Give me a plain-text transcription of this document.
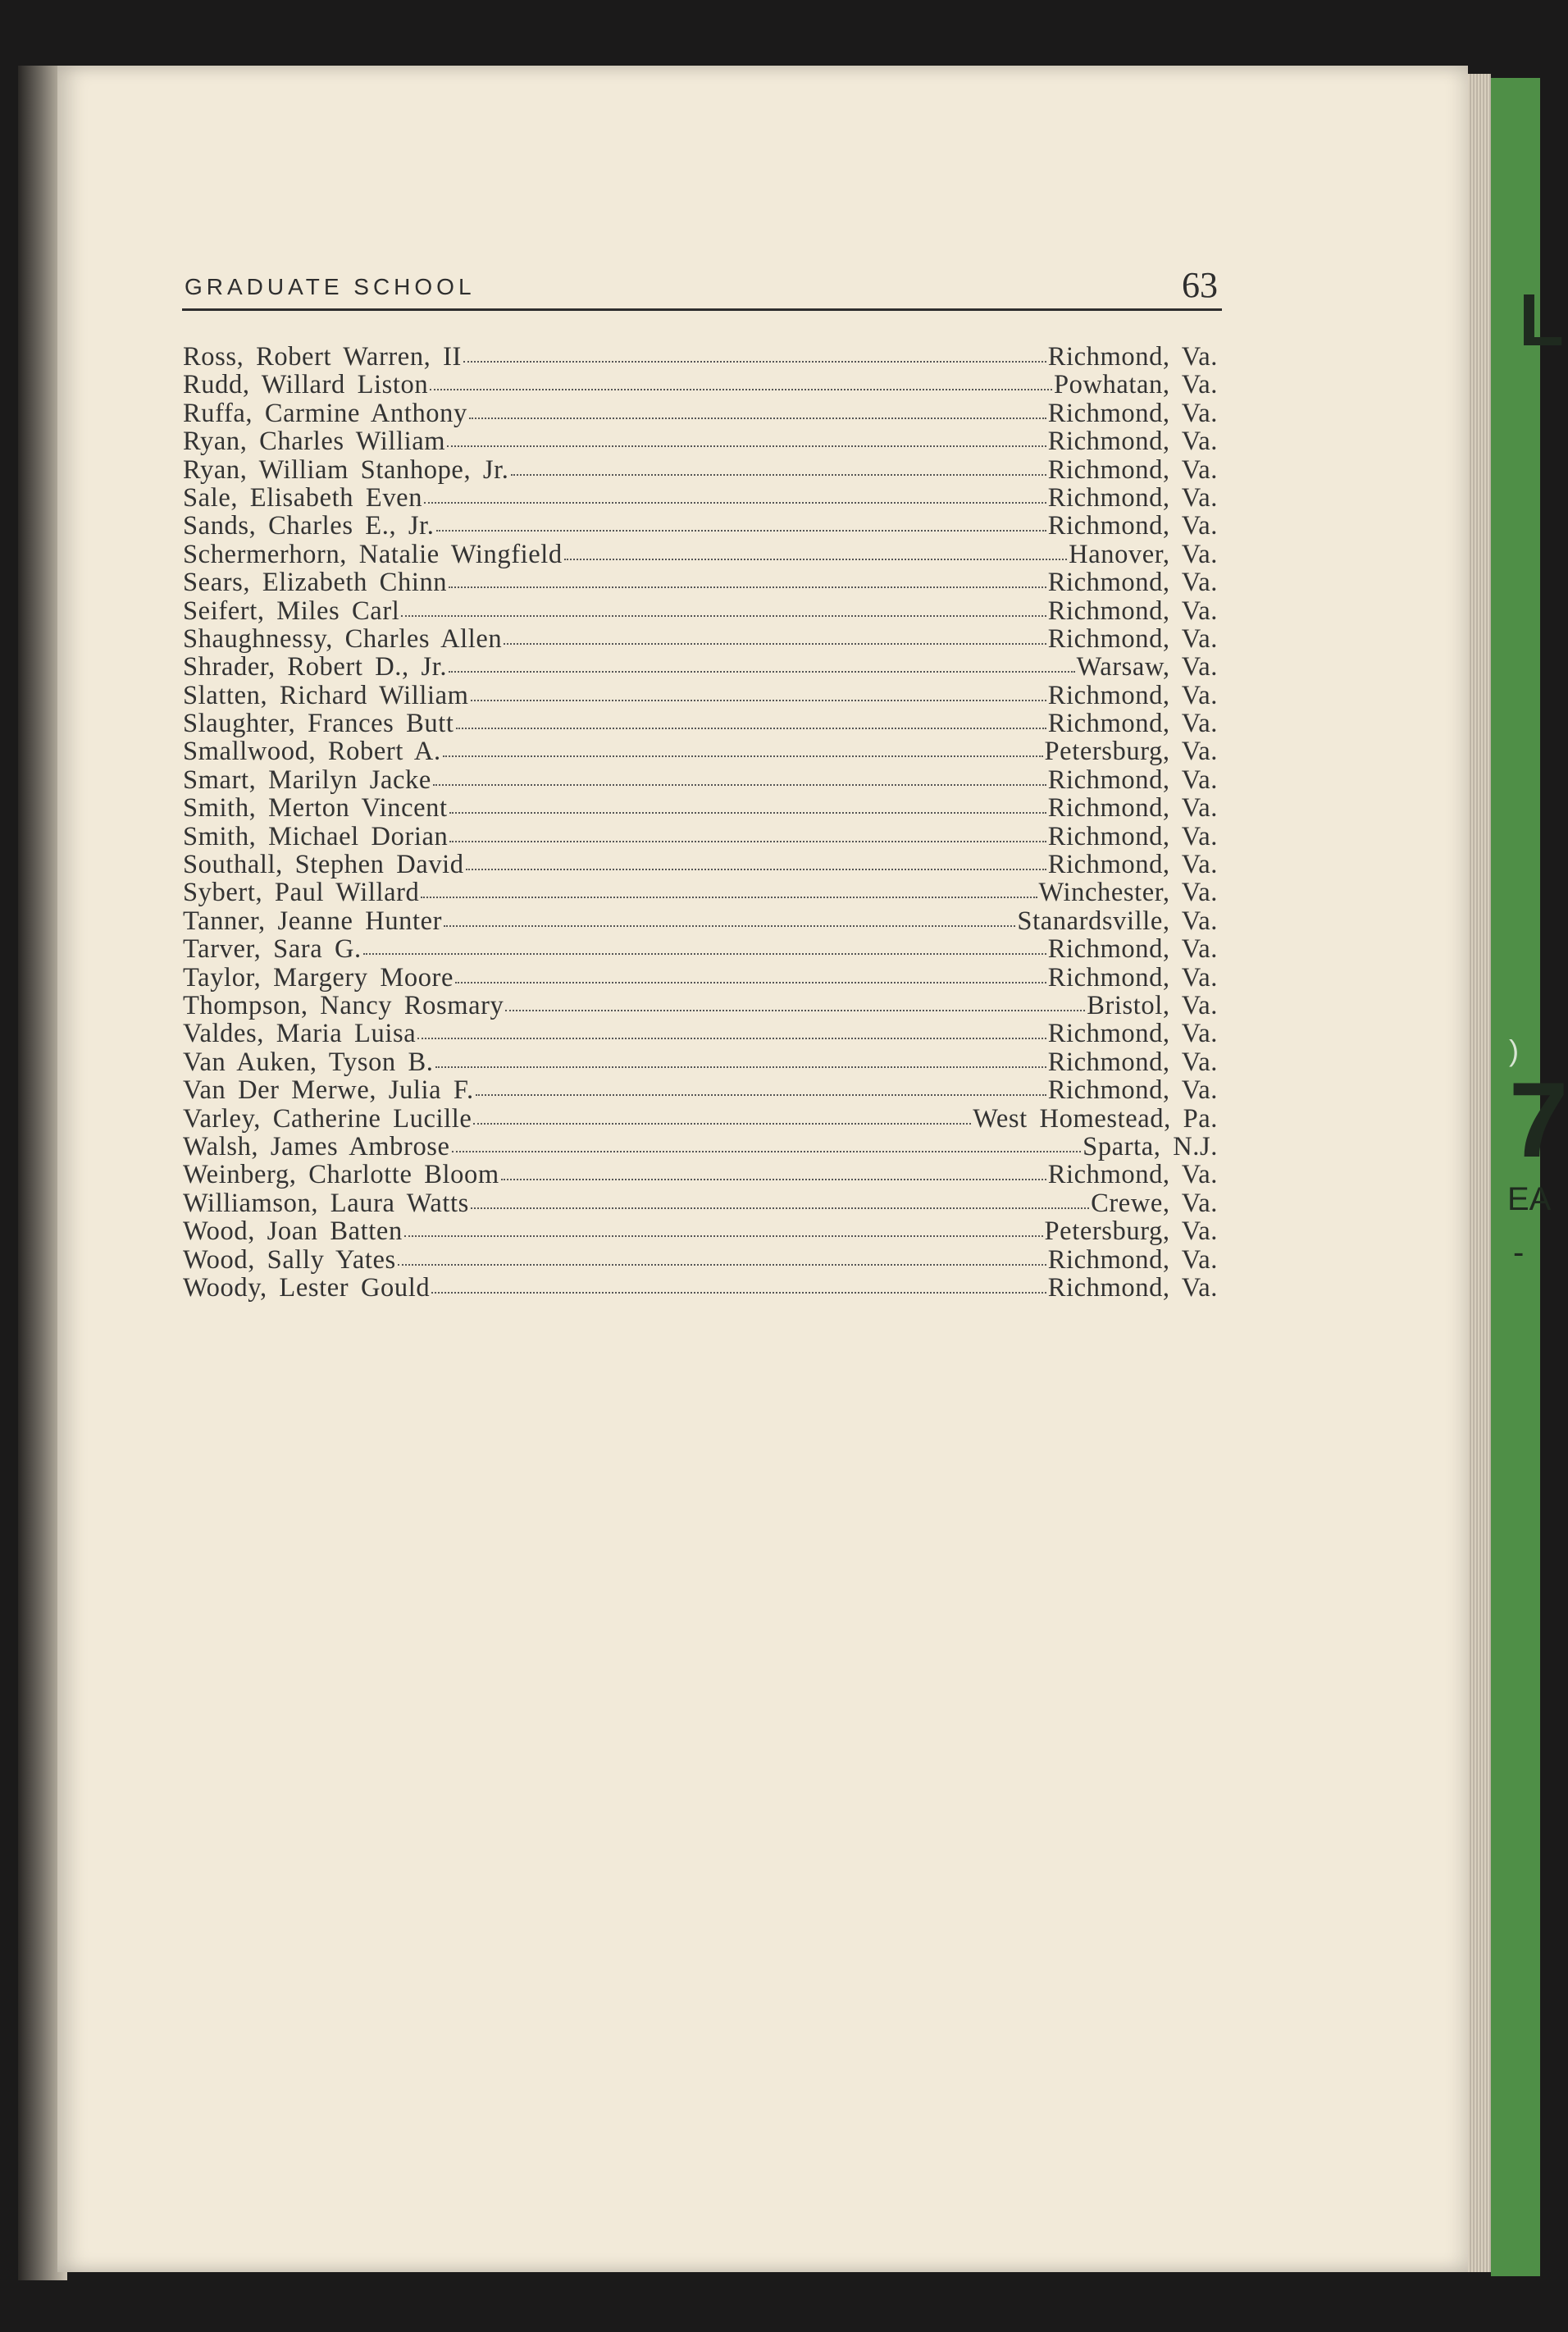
L
)
7
EA
-
GRADUATE SCHOOL	63
Ross, Robert Warren, II	Richmond, Va.
Rudd, Willard Liston	Powhatan, Va.
Ruffa, Carmine Anthony	Richmond, Va.
Ryan, Charles William	Richmond, Va.
Ryan, William Stanhope, Jr.	Richmond, Va.
Sale, Elisabeth Even	Richmond, Va.
Sands, Charles E., Jr.	Richmond, Va.
Schermerhorn, Natalie Wingfield	Hanover, Va.
Sears, Elizabeth Chinn	Richmond, Va.
Seifert, Miles Carl	Richmond, Va.
Shaughnessy, Charles Allen	Richmond, Va.
Shrader, Robert D., Jr.	Warsaw, Va.
Slatten, Richard William	Richmond, Va.
Slaughter, Frances Butt	Richmond, Va.
Smallwood, Robert A.	Petersburg, Va.
Smart, Marilyn Jacke	Richmond, Va.
Smith, Merton Vincent	Richmond, Va.
Smith, Michael Dorian	Richmond, Va.
Southall, Stephen David	Richmond, Va.
Sybert, Paul Willard	Winchester, Va.
Tanner, Jeanne Hunter	Stanardsville, Va.
Tarver, Sara G.	Richmond, Va.
Taylor, Margery Moore	Richmond, Va.
Thompson, Nancy Rosmary	Bristol, Va.
Valdes, Maria Luisa	Richmond, Va.
Van Auken, Tyson B.	Richmond, Va.
Van Der Merwe, Julia F.	Richmond, Va.
Varley, Catherine Lucille	West Homestead, Pa.
Walsh, James Ambrose	Sparta, N.J.
Weinberg, Charlotte Bloom	Richmond, Va.
Williamson, Laura Watts	Crewe, Va.
Wood, Joan Batten	Petersburg, Va.
Wood, Sally Yates	Richmond, Va.
Woody, Lester Gould	Richmond, Va.
